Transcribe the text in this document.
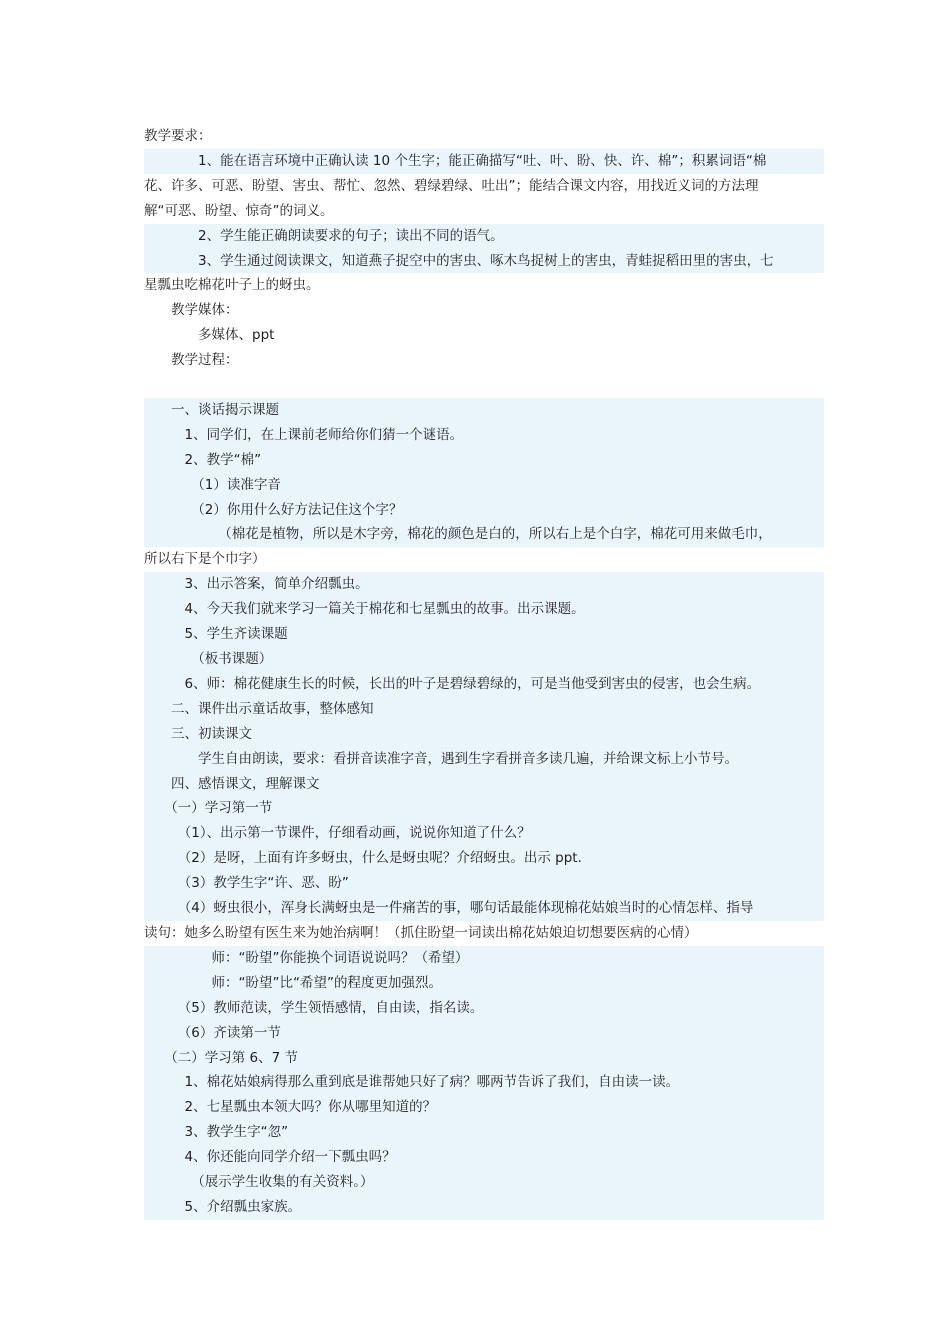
教学要求：
　　　　1、能在语言环境中正确认读 10 个生字；能正确描写“吐、叶、盼、快、许、棉”；积累词语“棉
花、许多、可恶、盼望、害虫、帮忙、忽然、碧绿碧绿、吐出”；能结合课文内容，用找近义词的方法理
解“可恶、盼望、惊奇”的词义。
　　　　2、学生能正确朗读要求的句子；读出不同的语气。
　　　　3、学生通过阅读课文，知道燕子捉空中的害虫、啄木鸟捉树上的害虫，青蛙捉稻田里的害虫，七
星瓢虫吃棉花叶子上的蚜虫。
　　教学媒体：
　　　　多媒体、ppt
　　教学过程：
　　一、谈话揭示课题
　　　1、同学们，在上课前老师给你们猜一个谜语。
　　　2、教学“棉”
　　　　（1）读准字音
　　　　（2）你用什么好方法记住这个字？
　　　　　　（棉花是植物，所以是木字旁，棉花的颜色是白的，所以右上是个白字，棉花可用来做毛巾，
所以右下是个巾字）
　　　3、出示答案，简单介绍瓢虫。
　　　4、今天我们就来学习一篇关于棉花和七星瓢虫的故事。出示课题。
　　　5、学生齐读课题
　　　　（板书课题）
　　　6、师：棉花健康生长的时候，长出的叶子是碧绿碧绿的，可是当他受到害虫的侵害，也会生病。
　　二、课件出示童话故事，整体感知
　　三、初读课文
　　　　学生自由朗读，要求：看拼音读准字音，遇到生字看拼音多读几遍，并给课文标上小节号。
　　四、感悟课文，理解课文
　　（一）学习第一节
　　　（1）、出示第一节课件，仔细看动画，说说你知道了什么？
　　　（2）是呀，上面有许多蚜虫，什么是蚜虫呢？介绍蚜虫。出示 ppt.
　　　（3）教学生字“许、恶、盼”
　　　（4）蚜虫很小，浑身长满蚜虫是一件痛苦的事，哪句话最能体现棉花姑娘当时的心情怎样、指导
读句：她多么盼望有医生来为她治病啊！（抓住盼望一词读出棉花姑娘迫切想要医病的心情）
　　　　　师：“盼望”你能换个词语说说吗？（希望）
　　　　　师：“盼望”比“希望”的程度更加强烈。
　　　（5）教师范读，学生领悟感情，自由读，指名读。
　　　（6）齐读第一节
　　（二）学习第 6、7 节
　　　1、棉花姑娘病得那么重到底是谁帮她只好了病？哪两节告诉了我们，自由读一读。
　　　2、七星瓢虫本领大吗？你从哪里知道的？
　　　3、教学生字“忽”
　　　4、你还能向同学介绍一下瓢虫吗？
　　　　（展示学生收集的有关资料。）
　　　5、介绍瓢虫家族。
